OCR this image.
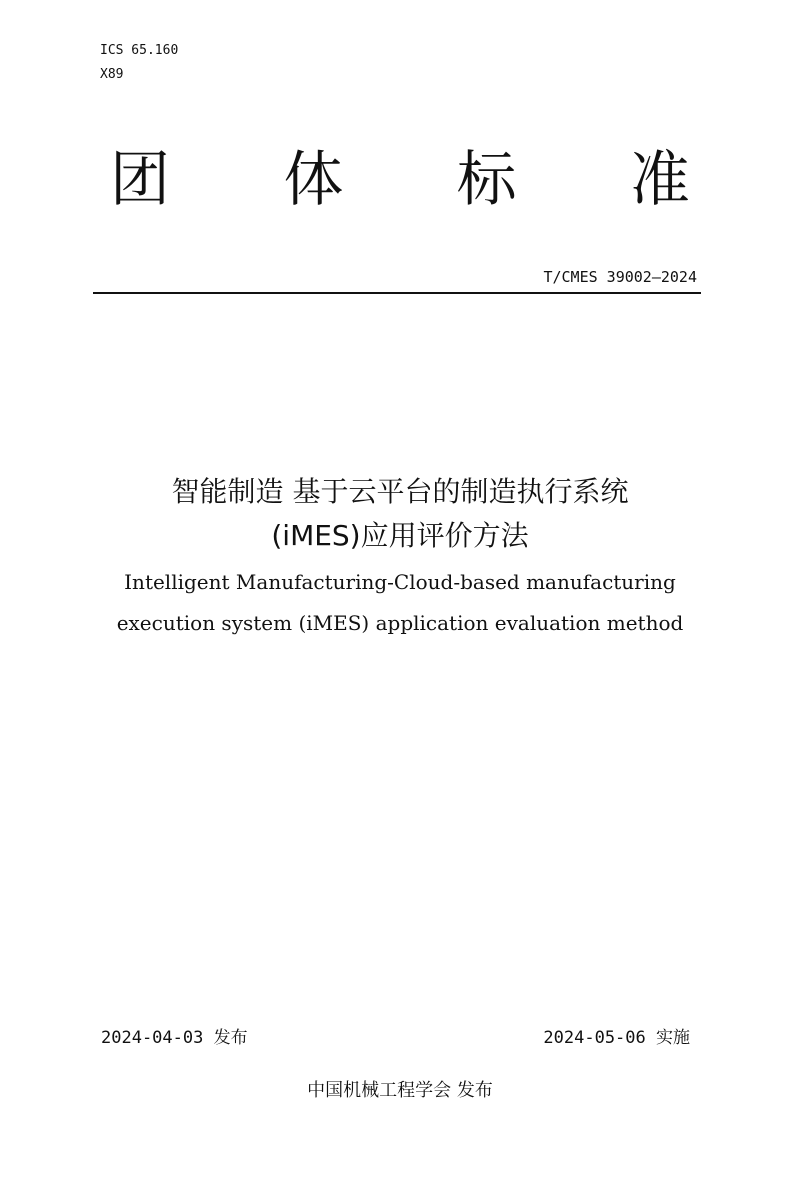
ICS 65.160
X89
团 体 标 准
T/CMES 39002—2024

智能制造 基于云平台的制造执行系统

(iMES)应用评价方法

Intelligent Manufacturing-Cloud-based manufacturing

execution system (iMES) application evaluation method

2024-04-03 发布	2024-05-06 实施
中国机械工程学会 发布
